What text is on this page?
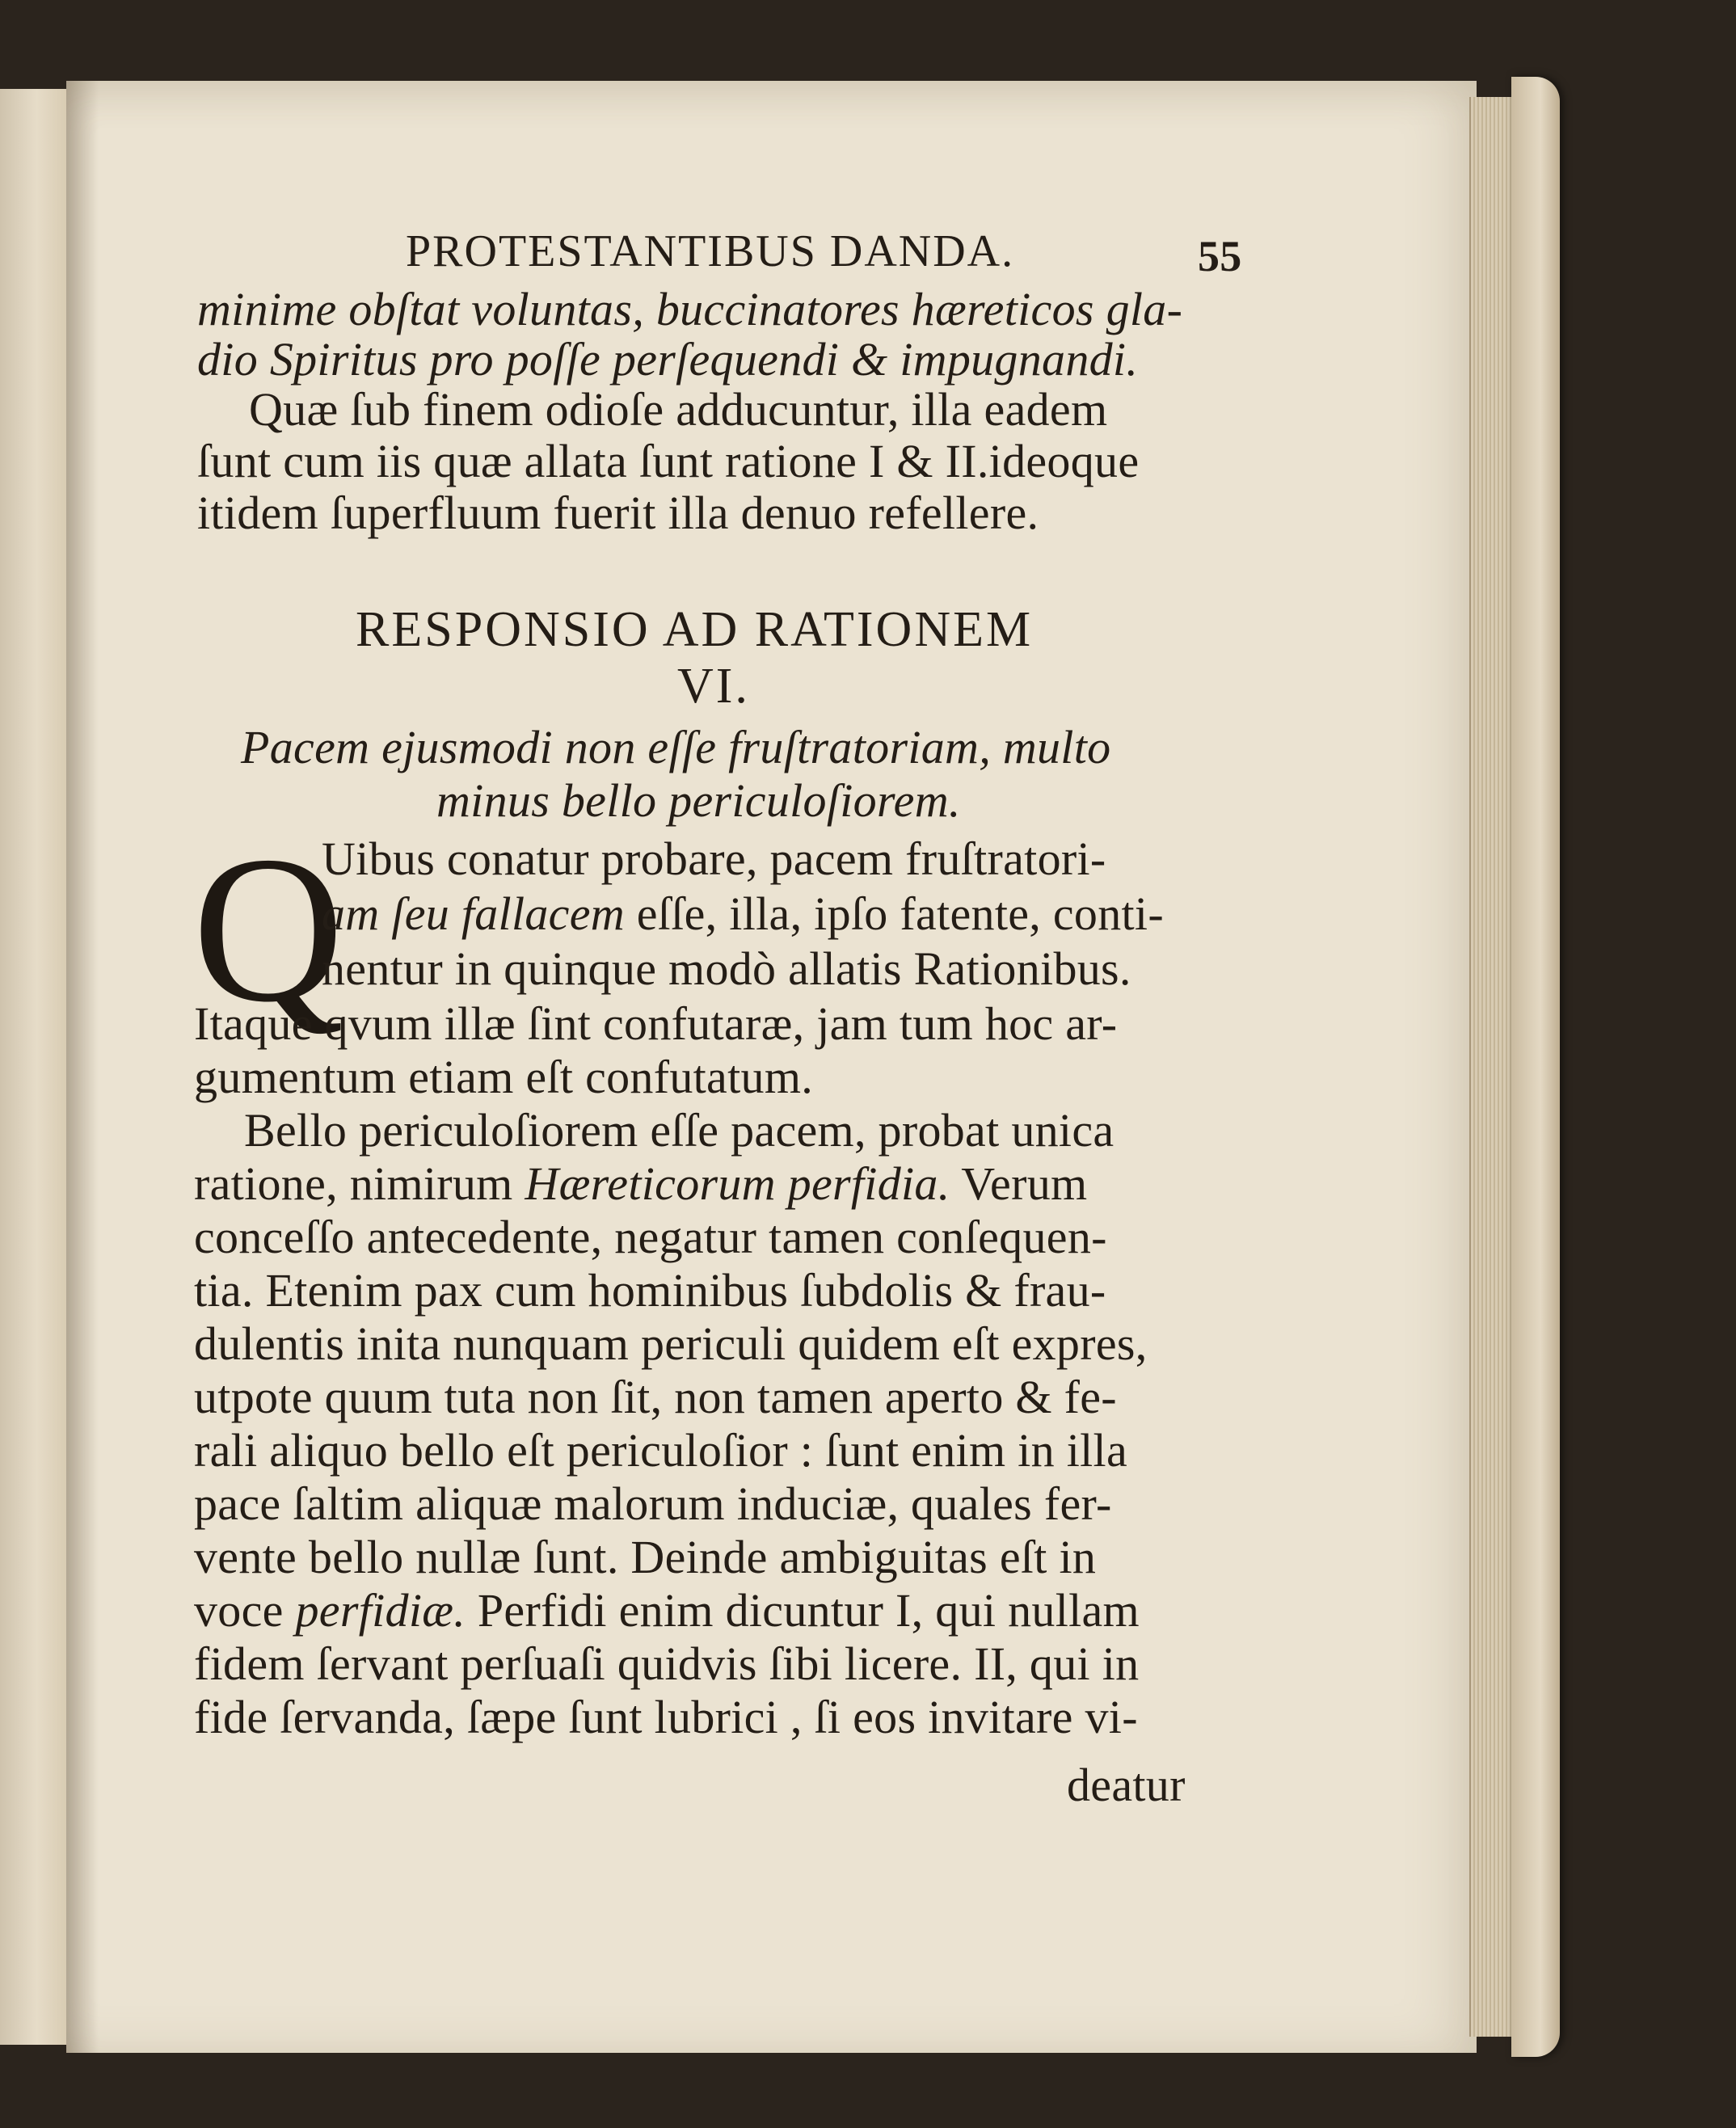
PROTESTANTIBUS DANDA.	55
minime obſtat voluntas, buccinatores hæreticos gla-
dio Spiritus pro poſſe perſequendi & impugnandi.
Quæ ſub finem odioſe adducuntur, illa eadem
ſunt cum iis quæ allata ſunt ratione I & II.ideoque
itidem ſuperfluum fuerit illa denuo refellere.
RESPONSIO AD RATIONEM
VI.
Pacem ejusmodi non eſſe fruſtratoriam, multo
minus bello periculoſiorem.
Q
Uibus conatur probare, pacem fruſtratori-
am ſeu fallacem eſſe, illa, ipſo fatente, conti-
nentur in quinque modò allatis Rationibus.
Itaque qvum illæ ſint confutaræ, jam tum hoc ar-
gumentum etiam eſt confutatum.
Bello periculoſiorem eſſe pacem, probat unica
ratione, nimirum Hæreticorum perfidia. Verum
conceſſo antecedente, negatur tamen conſequen-
tia. Etenim pax cum hominibus ſubdolis & frau-
dulentis inita nunquam periculi quidem eſt expres,
utpote quum tuta non ſit, non tamen aperto & fe-
rali aliquo bello eſt periculoſior : ſunt enim in illa
pace ſaltim aliquæ malorum induciæ, quales fer-
vente bello nullæ ſunt. Deinde ambiguitas eſt in
voce perfidiæ. Perfidi enim dicuntur I, qui nullam
fidem ſervant perſuaſi quidvis ſibi licere. II, qui in
fide ſervanda, ſæpe ſunt lubrici , ſi eos invitare vi-
deatur
